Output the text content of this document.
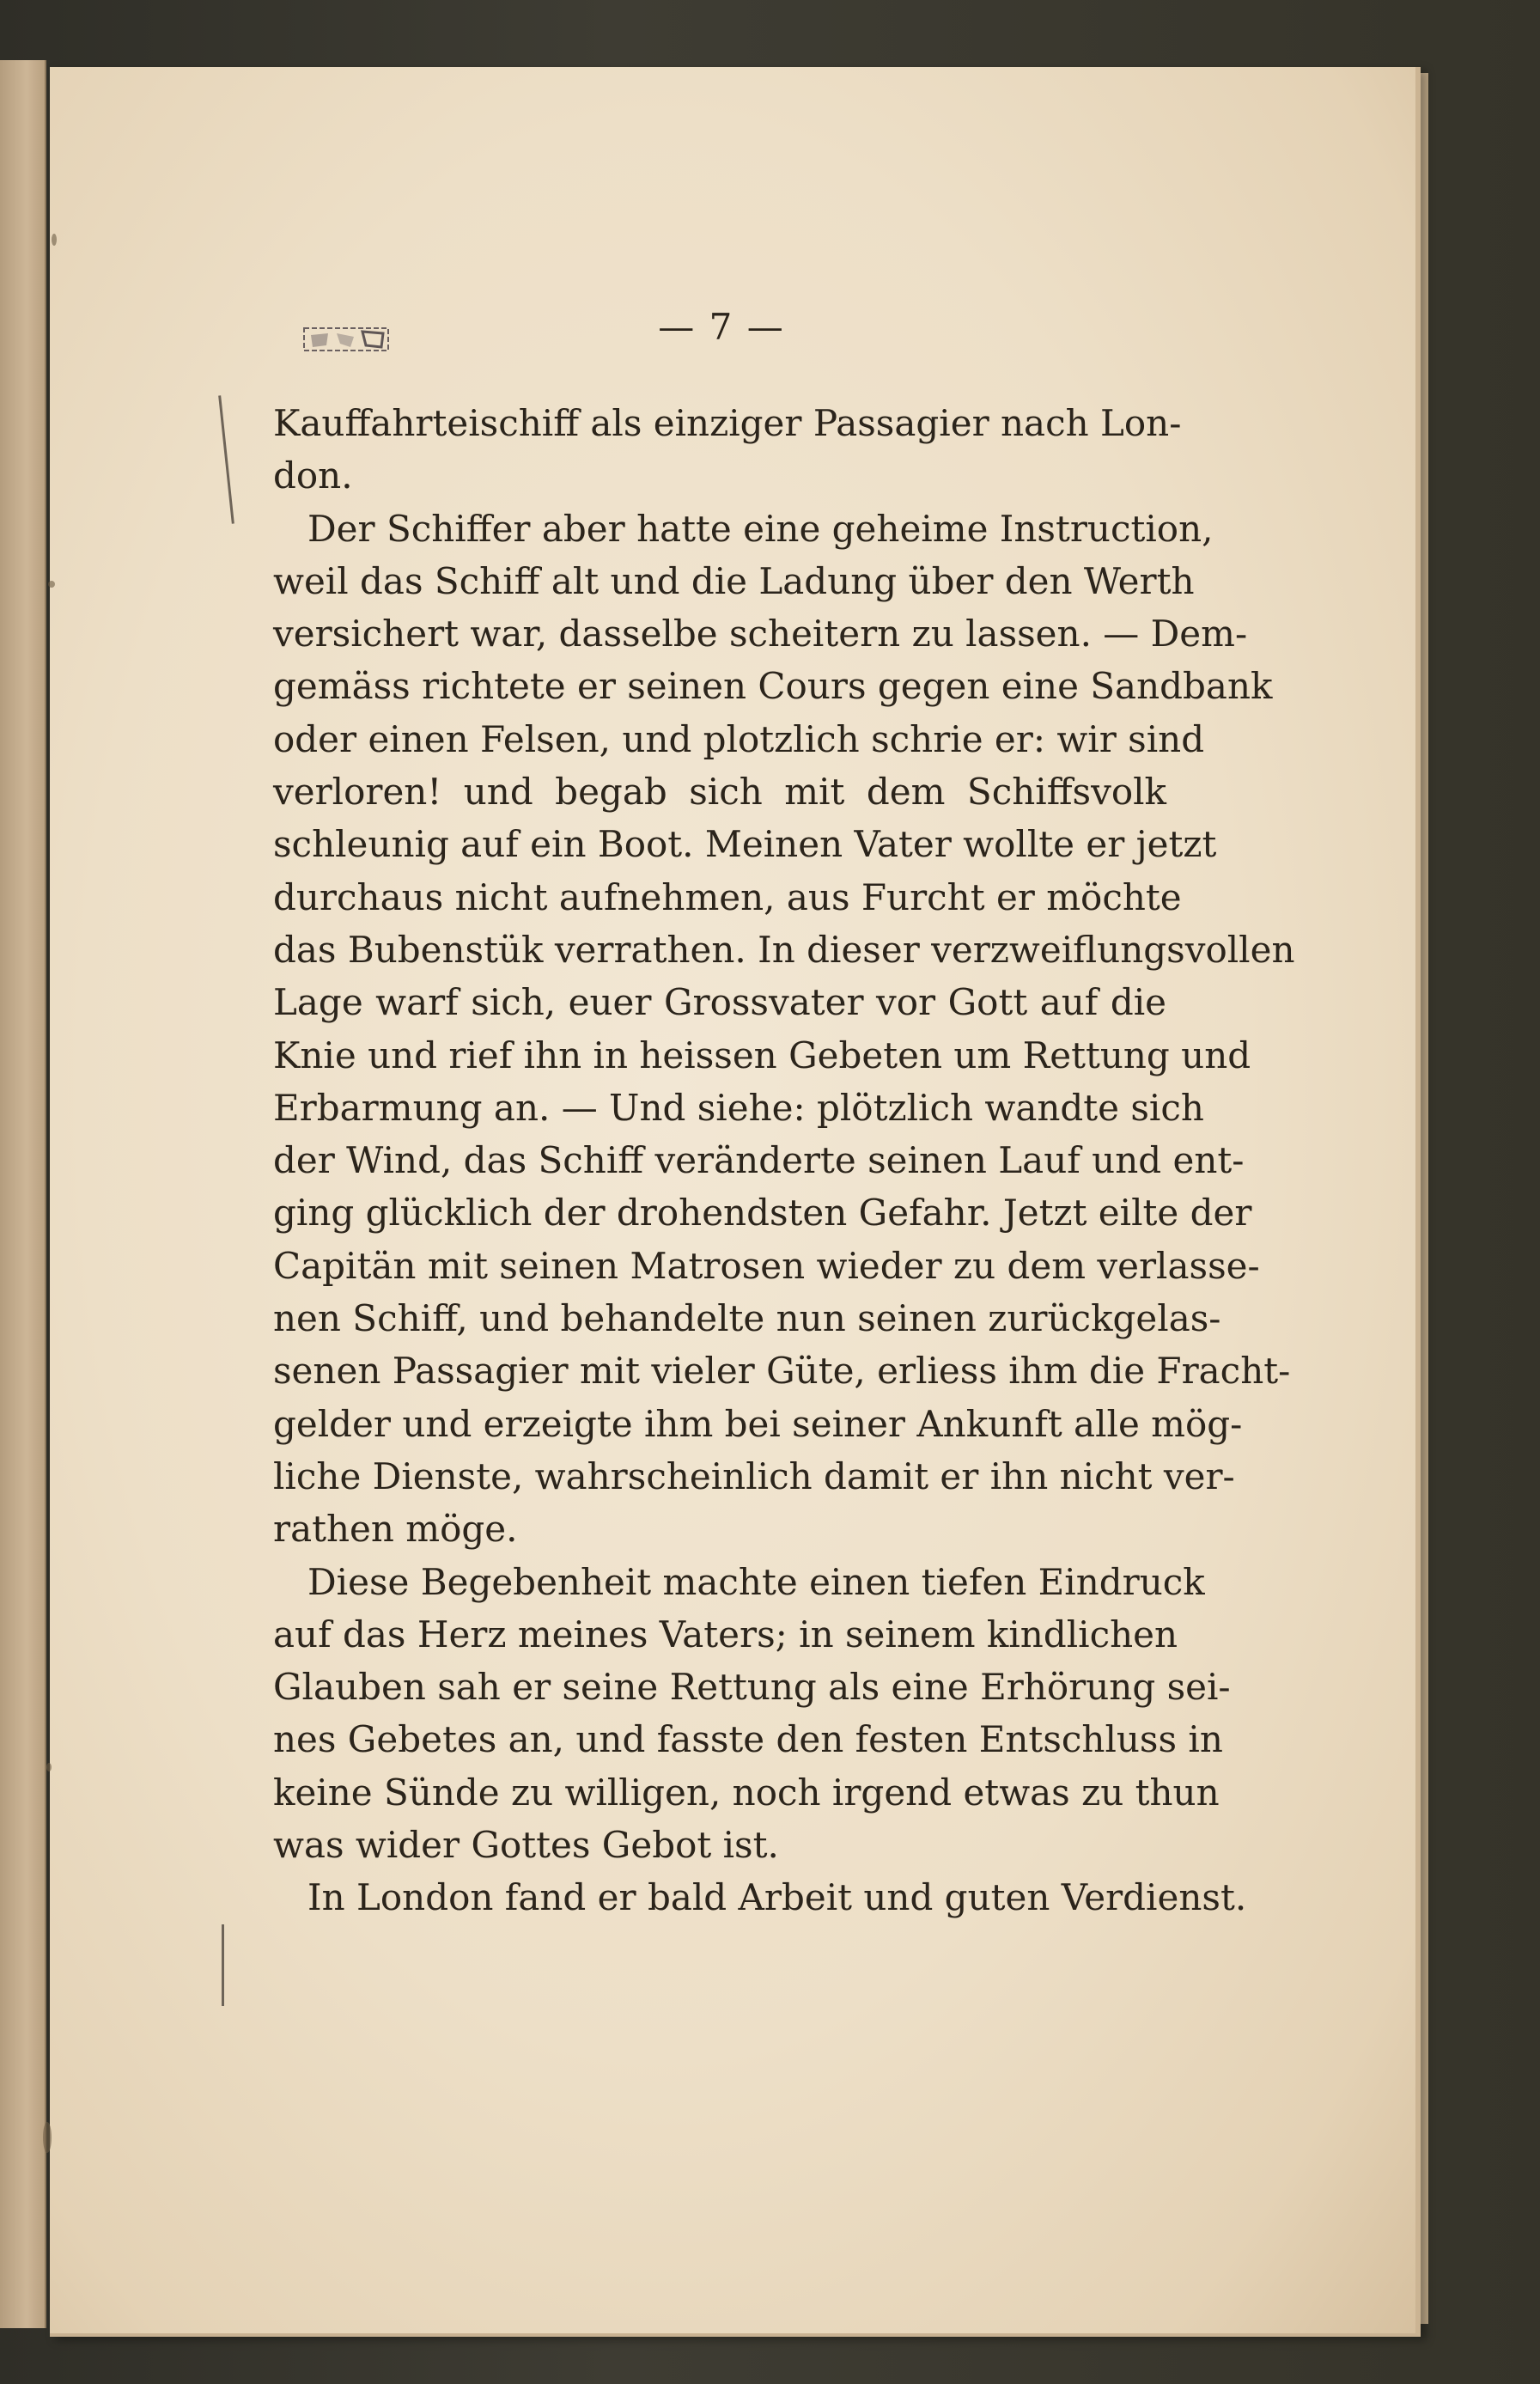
— 7 —
Kauffahrteischiff als einziger Passagier nach Lon-
don.
Der Schiffer aber hatte eine geheime Instruction,
weil das Schiff alt und die Ladung über den Werth
versichert war, dasselbe scheitern zu lassen. — Dem-
gemäss richtete er seinen Cours gegen eine Sandbank
oder einen Felsen, und plotzlich schrie er: wir sind
verloren! und begab sich mit dem Schiffsvolk
schleunig auf ein Boot. Meinen Vater wollte er jetzt
durchaus nicht aufnehmen, aus Furcht er möchte
das Bubenstük verrathen. In dieser verzweiflungsvollen
Lage warf sich, euer Grossvater vor Gott auf die
Knie und rief ihn in heissen Gebeten um Rettung und
Erbarmung an. — Und siehe: plötzlich wandte sich
der Wind, das Schiff veränderte seinen Lauf und ent-
ging glücklich der drohendsten Gefahr. Jetzt eilte der
Capitän mit seinen Matrosen wieder zu dem verlasse-
nen Schiff, und behandelte nun seinen zurückgelas-
senen Passagier mit vieler Güte, erliess ihm die Fracht-
gelder und erzeigte ihm bei seiner Ankunft alle mög-
liche Dienste, wahrscheinlich damit er ihn nicht ver-
rathen möge.
Diese Begebenheit machte einen tiefen Eindruck
auf das Herz meines Vaters; in seinem kindlichen
Glauben sah er seine Rettung als eine Erhörung sei-
nes Gebetes an, und fasste den festen Entschluss in
keine Sünde zu willigen, noch irgend etwas zu thun
was wider Gottes Gebot ist.
In London fand er bald Arbeit und guten Verdienst.
